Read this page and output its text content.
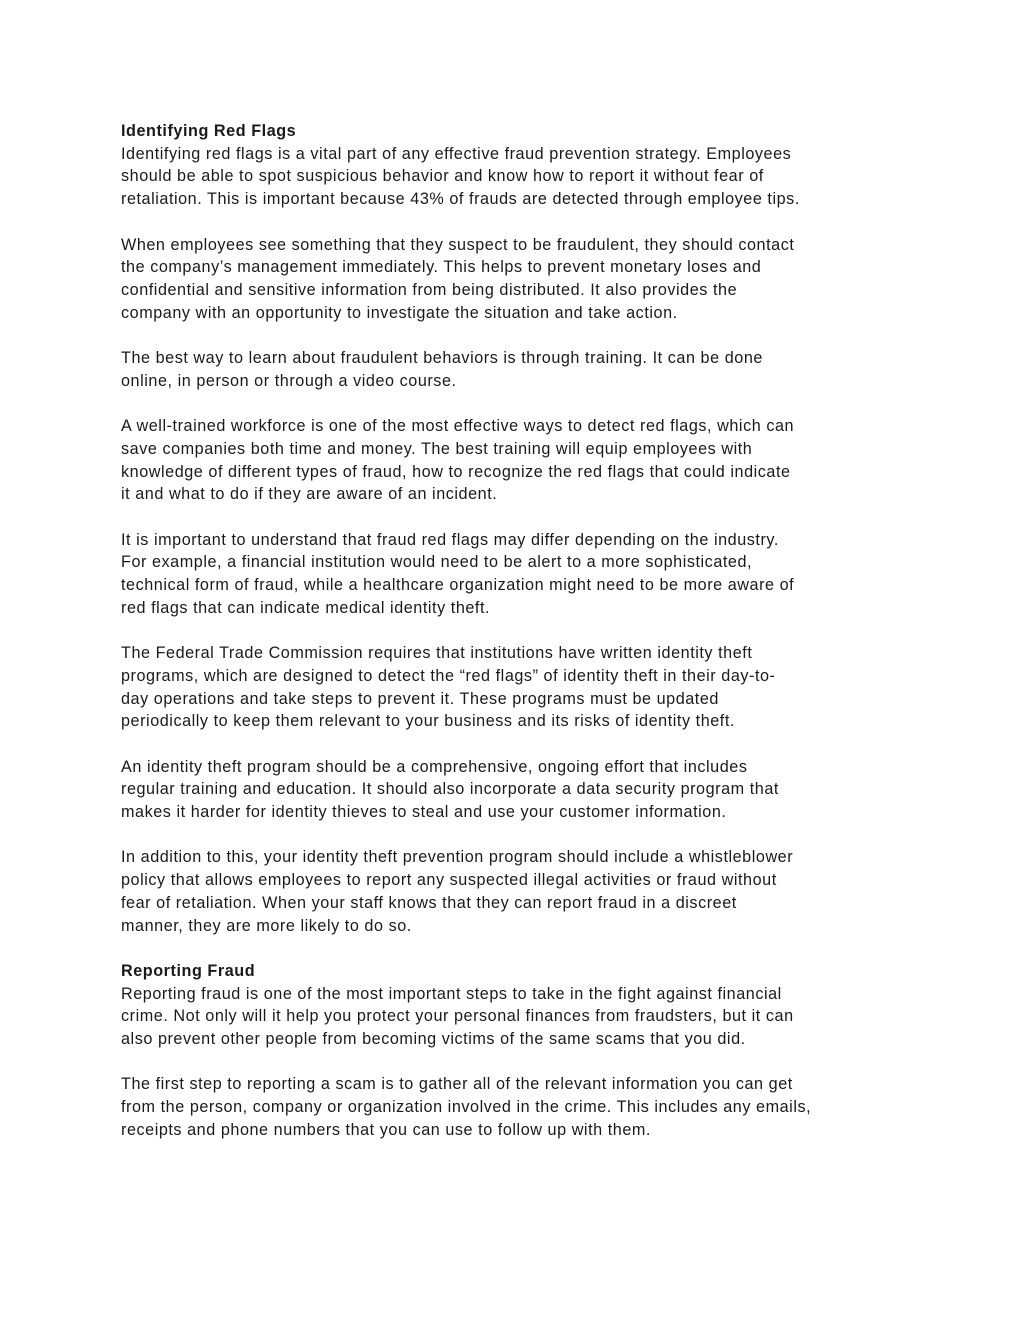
Identifying Red Flags

Identifying red flags is a vital part of any effective fraud prevention strategy. Employees
should be able to spot suspicious behavior and know how to report it without fear of
retaliation. This is important because 43% of frauds are detected through employee tips.

When employees see something that they suspect to be fraudulent, they should contact
the company’s management immediately. This helps to prevent monetary loses and
confidential and sensitive information from being distributed. It also provides the
company with an opportunity to investigate the situation and take action.

The best way to learn about fraudulent behaviors is through training. It can be done
online, in person or through a video course.

A well-trained workforce is one of the most effective ways to detect red flags, which can
save companies both time and money. The best training will equip employees with
knowledge of different types of fraud, how to recognize the red flags that could indicate
it and what to do if they are aware of an incident.

It is important to understand that fraud red flags may differ depending on the industry.
For example, a financial institution would need to be alert to a more sophisticated,
technical form of fraud, while a healthcare organization might need to be more aware of
red flags that can indicate medical identity theft.

The Federal Trade Commission requires that institutions have written identity theft
programs, which are designed to detect the “red flags” of identity theft in their day-to-
day operations and take steps to prevent it. These programs must be updated
periodically to keep them relevant to your business and its risks of identity theft.

An identity theft program should be a comprehensive, ongoing effort that includes
regular training and education. It should also incorporate a data security program that
makes it harder for identity thieves to steal and use your customer information.

In addition to this, your identity theft prevention program should include a whistleblower
policy that allows employees to report any suspected illegal activities or fraud without
fear of retaliation. When your staff knows that they can report fraud in a discreet
manner, they are more likely to do so.

Reporting Fraud

Reporting fraud is one of the most important steps to take in the fight against financial
crime. Not only will it help you protect your personal finances from fraudsters, but it can
also prevent other people from becoming victims of the same scams that you did.

The first step to reporting a scam is to gather all of the relevant information you can get
from the person, company or organization involved in the crime. This includes any emails,
receipts and phone numbers that you can use to follow up with them.
